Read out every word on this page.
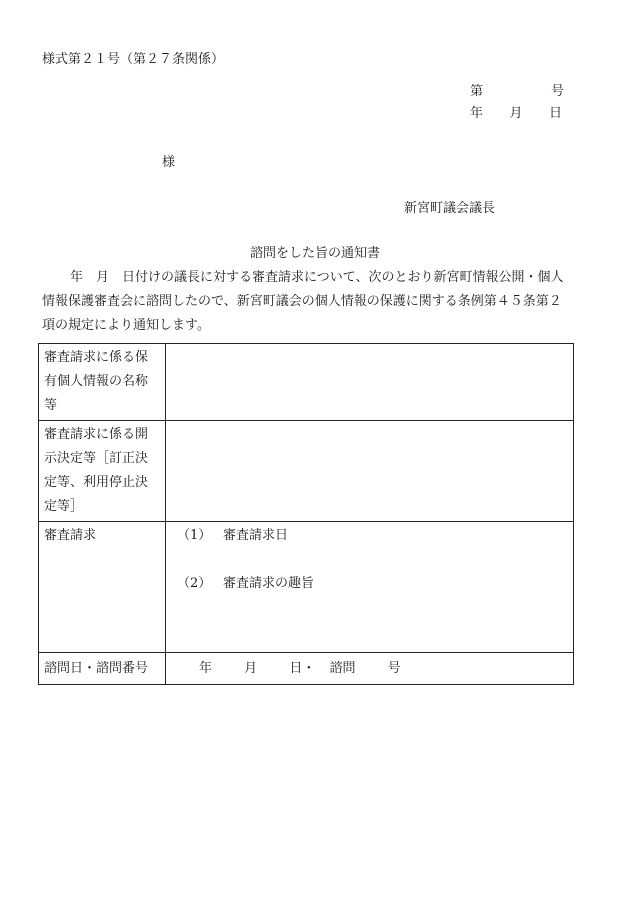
様式第２１号（第２７条関係）
第	号
年 月 日
様
新宮町議会議長
諮問をした旨の通知書

年　月　日付けの議長に対する審査請求について、次のとおり新宮町情報公開・個人

情報保護審査会に諮問したので、新宮町議会の個人情報の保護に関する条例第４５条第２

項の規定により通知します。

審査請求に係る保有個人情報の名称等	
審査請求に係る開示決定等［訂正決定等、利用停止決定等］	
審査請求	（1） 審査請求日
（2） 審査請求の趣旨

諮問日・諮問番号	年 月 日・ 諮問 号
